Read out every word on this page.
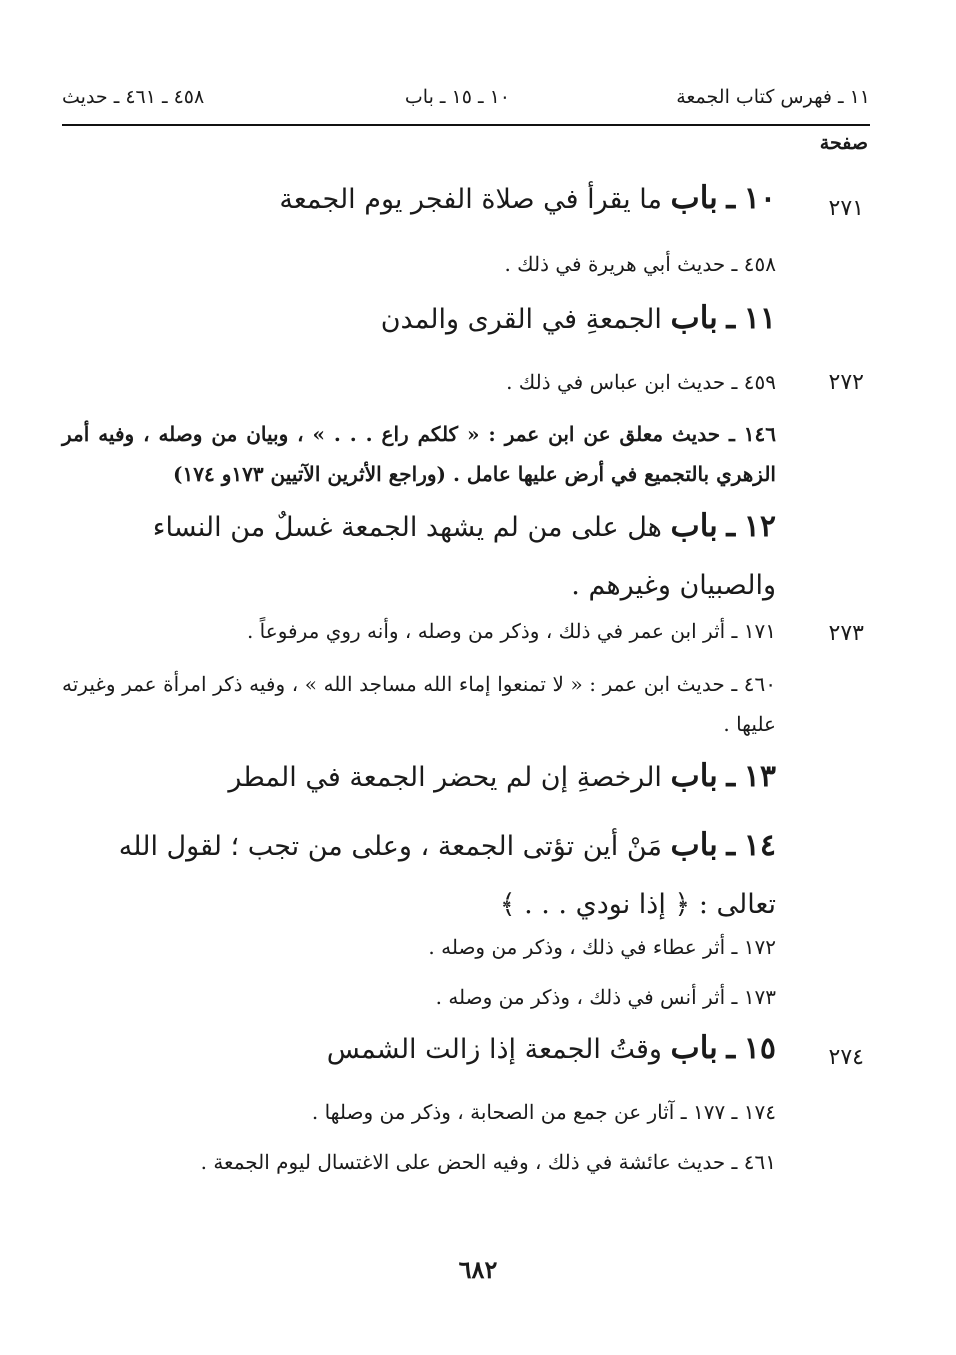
١١ ـ فهرس كتاب الجمعة
١٠ ـ ١٥ ـ باب
٤٥٨ ـ ٤٦١ ـ حديث
صفحة
٢٧١
١٠ ـ باب ما يقرأ في صلاة الفجر يوم الجمعة
٤٥٨ ـ حديث أبي هريرة في ذلك .
١١ ـ باب الجمعةِ في القرى والمدن
٢٧٢
٤٥٩ ـ حديث ابن عباس في ذلك .
١٤٦ ـ حديث معلق عن ابن عمر : « كلكم راع . . . » ، وبيان من وصله ، وفيه أمر الزهري بالتجميع في أرض عليها عامل . (وراجع الأثرين الآتيين ١٧٣و ١٧٤)
١٢ ـ باب هل على من لم يشهد الجمعة غسلٌ من النساء والصبيان وغيرهم .
٢٧٣
١٧١ ـ أثر ابن عمر في ذلك ، وذكر من وصله ، وأنه روي مرفوعاً .
٤٦٠ ـ حديث ابن عمر : « لا تمنعوا إماء الله مساجد الله » ، وفيه ذكر امرأة عمر وغيرته عليها .
١٣ ـ باب الرخصةِ إن لم يحضر الجمعة في المطر
١٤ ـ باب مَنْ أين تؤتى الجمعة ، وعلى من تجب ؛ لقول الله تعالى : ﴿ إذا نودي . . . ﴾
١٧٢ ـ أثر عطاء في ذلك ، وذكر من وصله .
١٧٣ ـ أثر أنس في ذلك ، وذكر من وصله .
٢٧٤
١٥ ـ باب وقتُ الجمعة إذا زالت الشمس
١٧٤ ـ ١٧٧ ـ آثار عن جمع من الصحابة ، وذكر من وصلها .
٤٦١ ـ حديث عائشة في ذلك ، وفيه الحض على الاغتسال ليوم الجمعة .
٦٨٢
